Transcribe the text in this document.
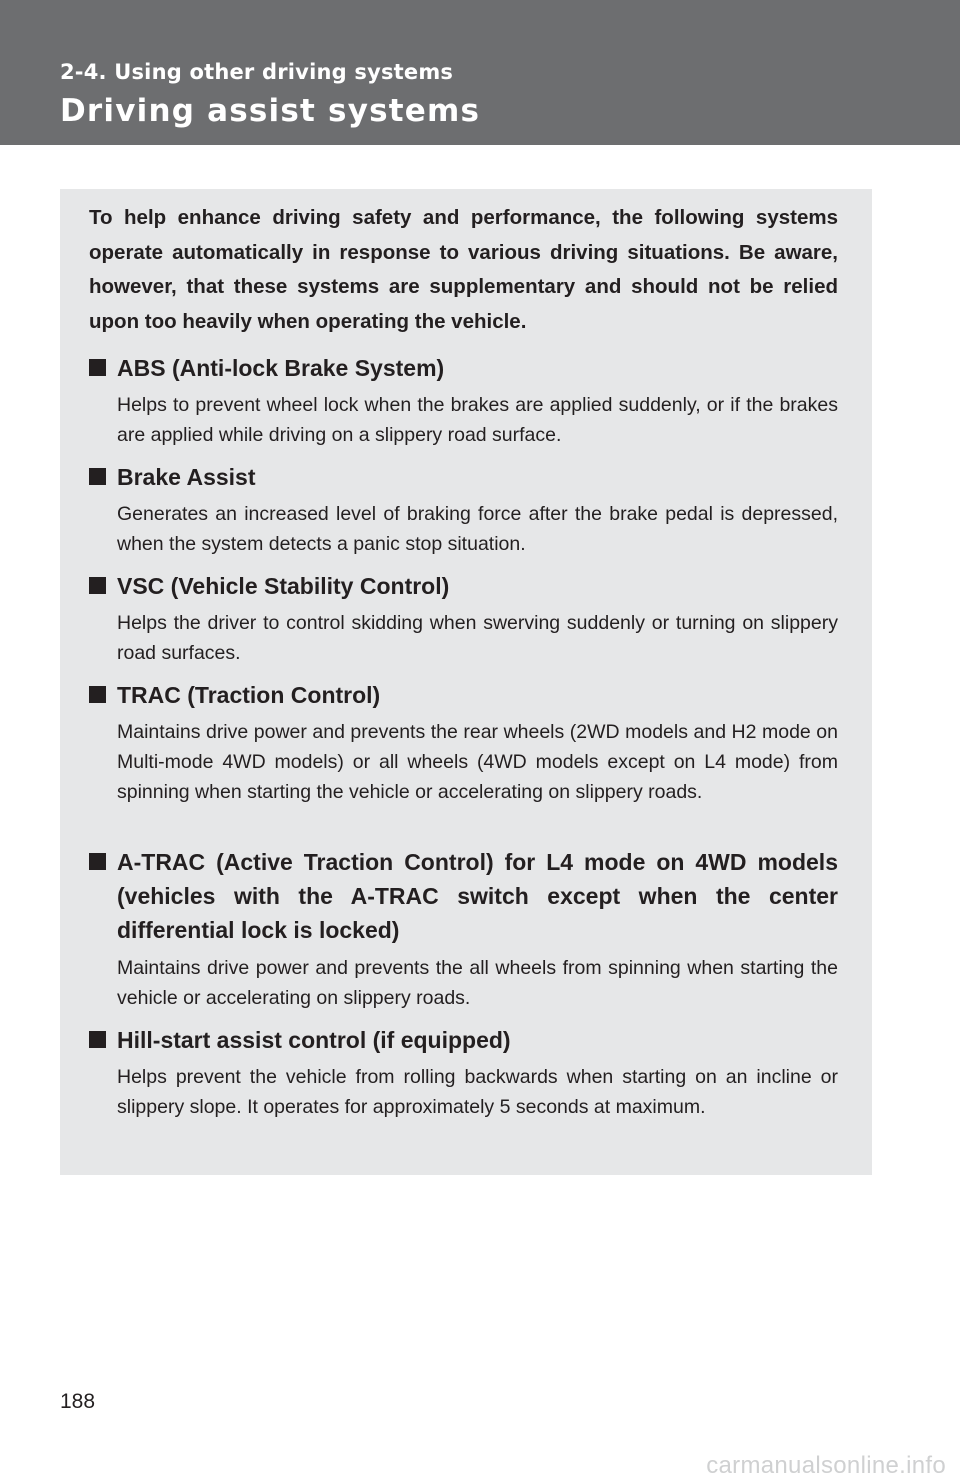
2-4. Using other driving systems
Driving assist systems
To help enhance driving safety and performance, the following systems operate automatically in response to various driving situations. Be aware, however, that these systems are supplementary and should not be relied upon too heavily when operating the vehicle.
ABS (Anti-lock Brake System)
Helps to prevent wheel lock when the brakes are applied suddenly, or if the brakes are applied while driving on a slippery road surface.
Brake Assist
Generates an increased level of braking force after the brake pedal is depressed, when the system detects a panic stop situation.
VSC (Vehicle Stability Control)
Helps the driver to control skidding when swerving suddenly or turning on slippery road surfaces.
TRAC (Traction Control)
Maintains drive power and prevents the rear wheels (2WD models and H2 mode on Multi-mode 4WD models) or all wheels (4WD models except on L4 mode) from spinning when starting the vehicle or accelerating on slippery roads.
A-TRAC (Active Traction Control) for L4 mode on 4WD models (vehicles with the A-TRAC switch except when the center differential lock is locked)
Maintains drive power and prevents the all wheels from spinning when starting the vehicle or accelerating on slippery roads.
Hill-start assist control (if equipped)
Helps prevent the vehicle from rolling backwards when starting on an incline or slippery slope. It operates for approximately 5 seconds at maximum.
188
carmanualsonline.info
